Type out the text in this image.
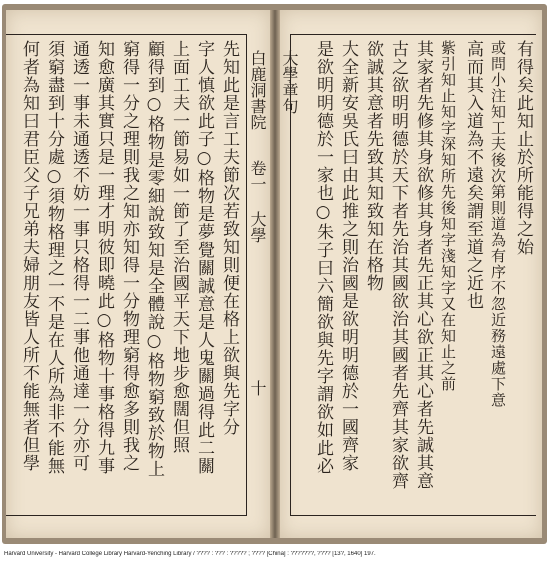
白鹿洞書院
卷一 大學
十
先知此是言工夫節次若致知則便在格上欲與先字分
字人慎欲此子○格物是夢覺關誠意是人鬼關過得此二關
上面工夫一節易如一節了至治國平天下地步愈闊但照
顧得到○格物是零細說致知是全體說○格物窮致於物上
窮得一分之理則我之知亦知得一分物理窮得愈多則我之
知愈廣其實只是一理才明彼即曉此○格物十事格得九事
通透一事未通透不妨一事只格得一二事他通達一分亦可
須窮盡到十分處○須物格理之一不是在人所為非不能無
何者為知曰君臣父子兄弟夫婦朋友皆人所不能無者但學	大學章句	有得矣此知止於所能得之始
或問小注知工夫後次第則道為有序不忽近務遠處下意
高而其入道為不遠矣謂至道之近也
紫引知止知字深知所先後知字淺知字又在知止之前
其家者先修其身欲修其身者先正其心欲正其心者先誠其意
古之欲明明德於天下者先治其國欲治其國者先齊其家欲齊
欲誠其意者先致其知致知在格物
大全新安吳氏曰由此推之則治國是欲明明德於一國齊家
是欲明明德於一家也○朱子曰六簡欲與先字謂欲如此必
Harvard University - Harvard College Library Harvard-Yenching Library / ???? : ??? : ????? ; ???? [China] : ???????, ???? [13?, 1640] 197.
